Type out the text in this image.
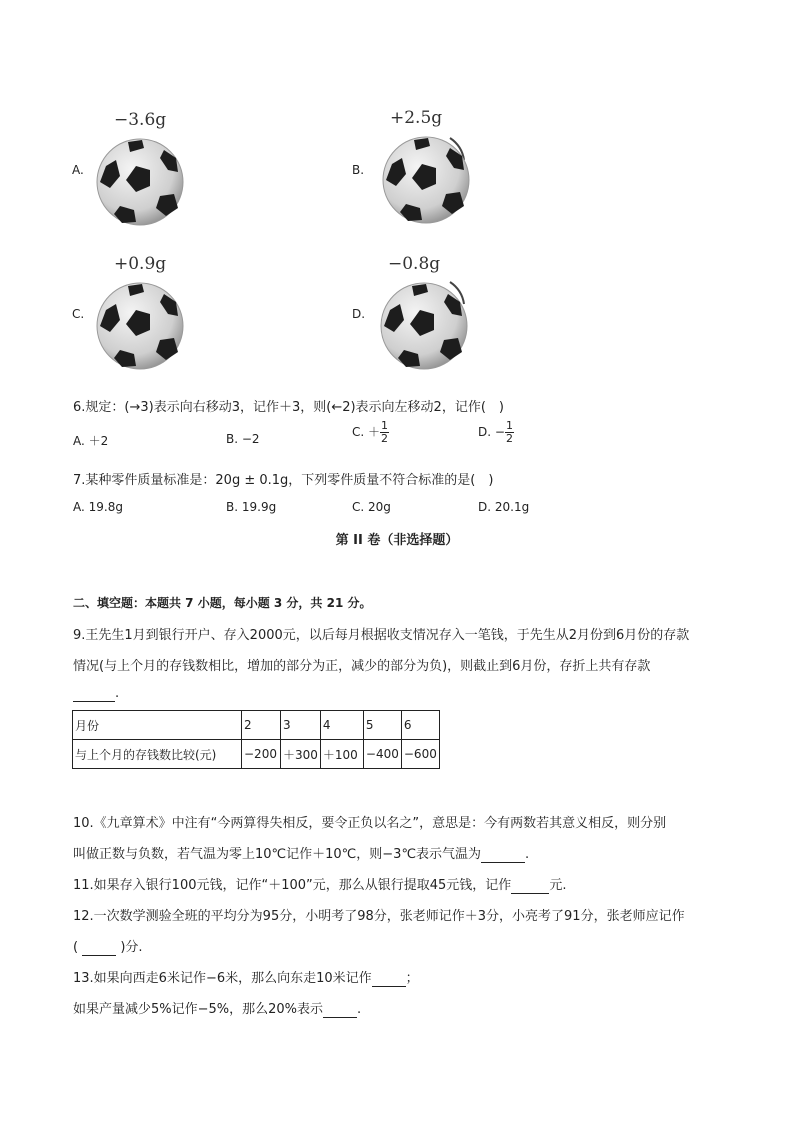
A.
−3.6g
B.
+2.5g
C.
+0.9g
D.
−0.8g
6.规定：(→3)表示向右移动3，记作＋3，则(←2)表示向左移动2，记作(　)
A. ＋2	B. −2	C. ＋ $\frac{1}{2}$	D. − $\frac{1}{2}$
7.某种零件质量标准是：20g ± 0.1g，下列零件质量不符合标准的是(　)
A. 19.8g	B. 19.9g	C. 20g	D. 20.1g
第 II 卷（非选择题）
二、填空题：本题共 7 小题，每小题 3 分，共 21 分。
9.王先生1月到银行开户、存入2000元，以后每月根据收支情况存入一笔钱，于先生从2月份到6月份的存款
情况(与上个月的存钱数相比，增加的部分为正，减少的部分为负)，则截止到6月份，存折上共有存款
.
月份	2	3	4	5	6
与上个月的存钱数比较(元)	−200	＋300	＋100	−400	−600
10.《九章算术》中注有“今两算得失相反，要令正负以名之”，意思是：今有两数若其意义相反，则分别
叫做正数与负数，若气温为零上10℃记作＋10℃，则−3℃表示气温为	.
11.如果存入银行100元钱，记作“＋100”元，那么从银行提取45元钱，记作	元.
12.一次数学测验全班的平均分为95分，小明考了98分，张老师记作＋3分，小亮考了91分，张老师应记作
(	)分.
13.如果向西走6米记作−6米，那么向东走10米记作	；
如果产量减少5%记作−5%，那么20%表示	.
